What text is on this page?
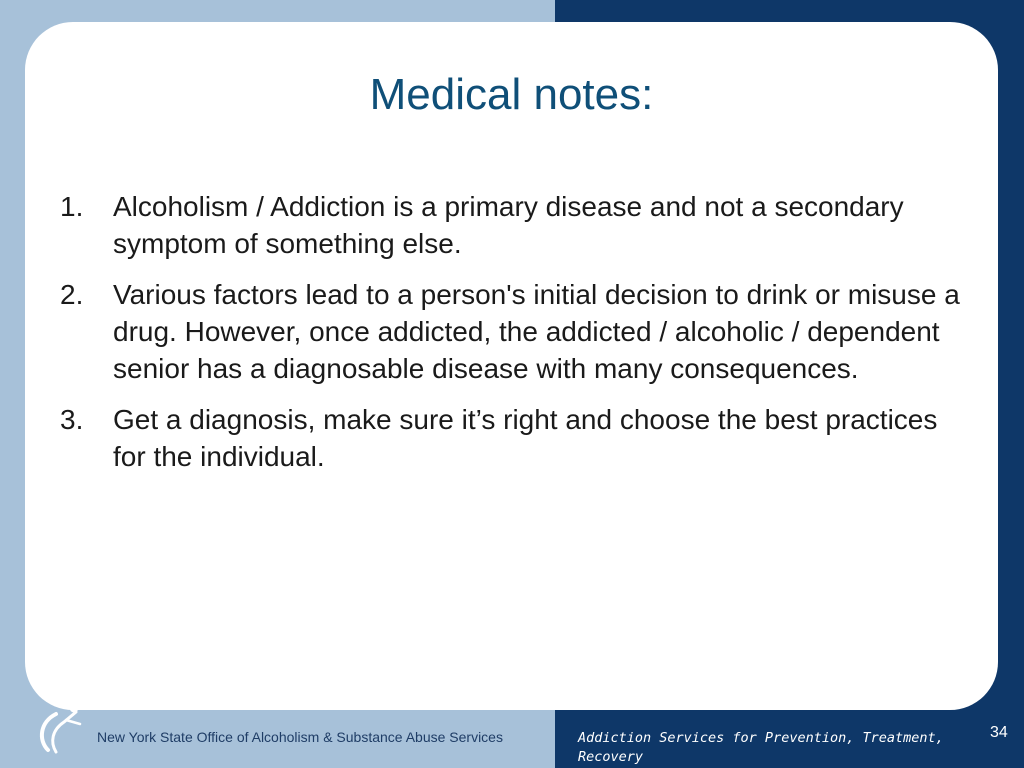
Medical notes:
1. Alcoholism / Addiction is a primary disease and not a secondary symptom of something else.
2. Various factors lead to a person's initial decision to drink or misuse a drug. However, once addicted, the addicted / alcoholic / dependent senior has a diagnosable disease with many consequences.
3. Get a diagnosis, make sure it’s right and choose the best practices for the individual.
New York State Office of Alcoholism & Substance Abuse Services	Addiction Services for Prevention, Treatment, Recovery
34
